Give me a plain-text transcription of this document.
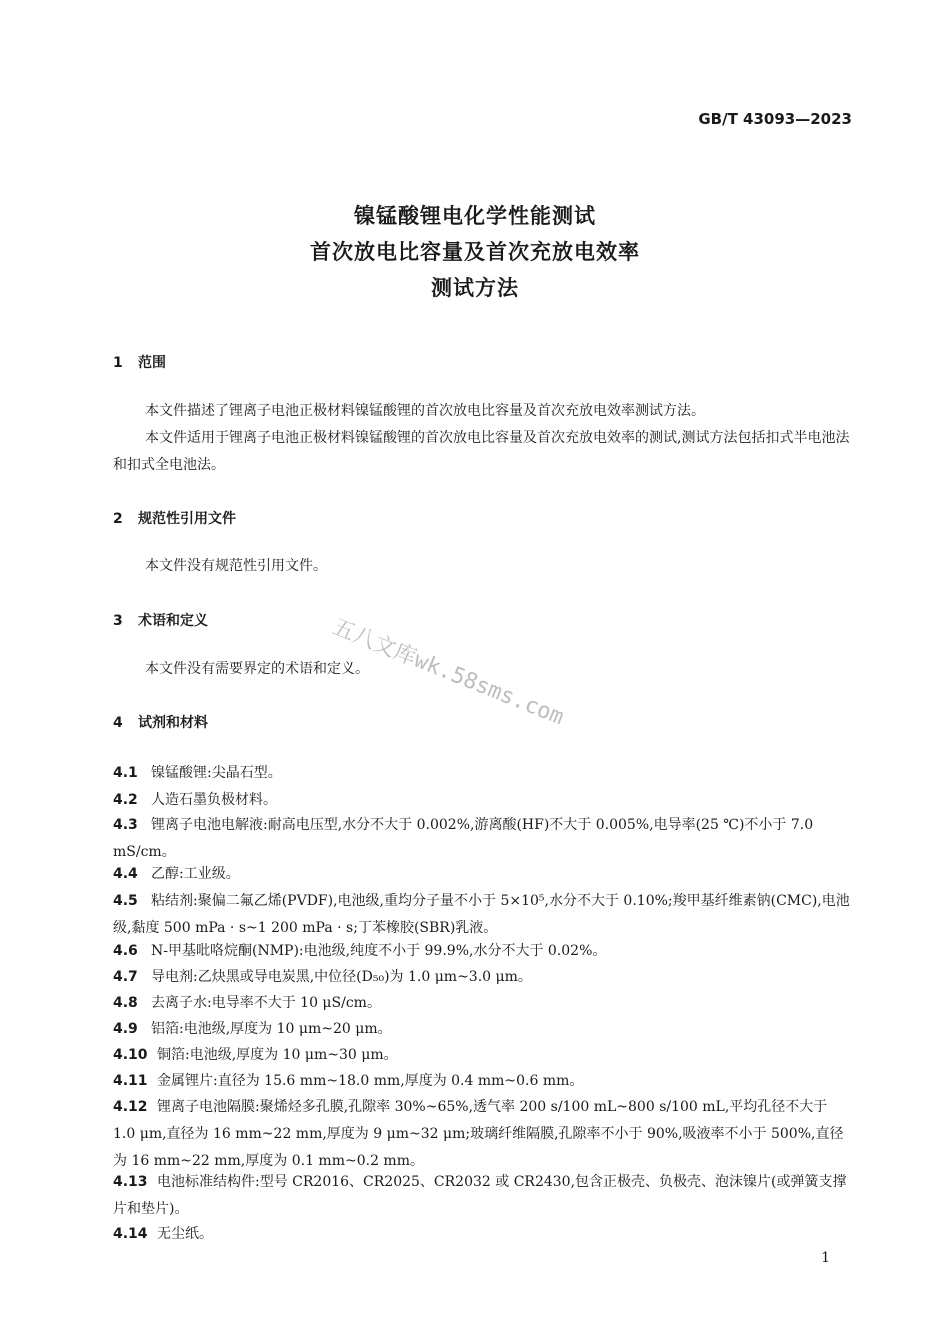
GB/T 43093—2023
镍锰酸锂电化学性能测试
首次放电比容量及首次充放电效率
测试方法
1 范围
本文件描述了锂离子电池正极材料镍锰酸锂的首次放电比容量及首次充放电效率测试方法。
本文件适用于锂离子电池正极材料镍锰酸锂的首次放电比容量及首次充放电效率的测试,测试方法包括扣式半电池法和扣式全电池法。
2 规范性引用文件
本文件没有规范性引用文件。
3 术语和定义
本文件没有需要界定的术语和定义。
4 试剂和材料
4.1 镍锰酸锂:尖晶石型。
4.2 人造石墨负极材料。
4.3 锂离子电池电解液:耐高电压型,水分不大于 0.002%,游离酸(HF)不大于 0.005%,电导率(25 ℃)不小于 7.0 mS/cm。
4.4 乙醇:工业级。
4.5 粘结剂:聚偏二氟乙烯(PVDF),电池级,重均分子量不小于 5×10⁵,水分不大于 0.10%;羧甲基纤维素钠(CMC),电池级,黏度 500 mPa · s~1 200 mPa · s;丁苯橡胶(SBR)乳液。
4.6 N-甲基吡咯烷酮(NMP):电池级,纯度不小于 99.9%,水分不大于 0.02%。
4.7 导电剂:乙炔黑或导电炭黑,中位径(D₅₀)为 1.0 μm~3.0 μm。
4.8 去离子水:电导率不大于 10 μS/cm。
4.9 铝箔:电池级,厚度为 10 μm~20 μm。
4.10 铜箔:电池级,厚度为 10 μm~30 μm。
4.11 金属锂片:直径为 15.6 mm~18.0 mm,厚度为 0.4 mm~0.6 mm。
4.12 锂离子电池隔膜:聚烯烃多孔膜,孔隙率 30%~65%,透气率 200 s/100 mL~800 s/100 mL,平均孔径不大于 1.0 μm,直径为 16 mm~22 mm,厚度为 9 μm~32 μm;玻璃纤维隔膜,孔隙率不小于 90%,吸液率不小于 500%,直径为 16 mm~22 mm,厚度为 0.1 mm~0.2 mm。
4.13 电池标准结构件:型号 CR2016、CR2025、CR2032 或 CR2430,包含正极壳、负极壳、泡沫镍片(或弹簧支撑片和垫片)。
4.14 无尘纸。
五八文库wk.58sms.com
1
